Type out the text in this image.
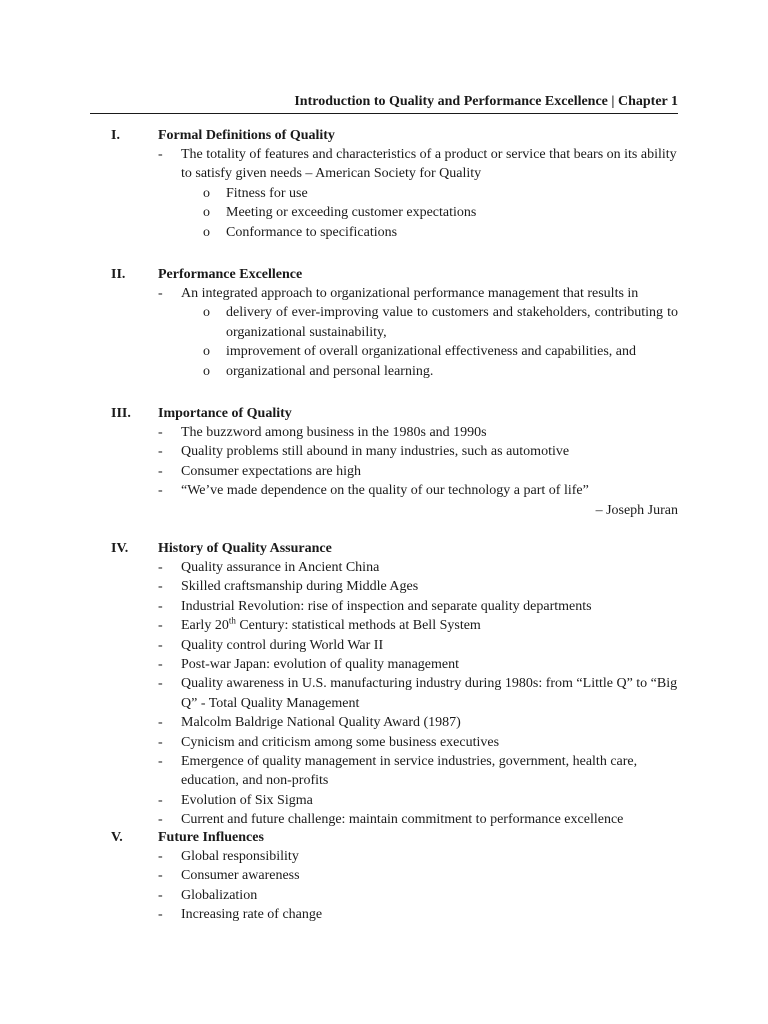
Introduction to Quality and Performance Excellence | Chapter 1
I.	Formal Definitions of Quality
- The totality of features and characteristics of a product or service that bears on its ability to satisfy given needs – American Society for Quality
o Fitness for use
o Meeting or exceeding customer expectations
o Conformance to specifications
II. Performance Excellence
- An integrated approach to organizational performance management that results in
o delivery of ever-improving value to customers and stakeholders, contributing to organizational sustainability,
o improvement of overall organizational effectiveness and capabilities, and
o organizational and personal learning.
III. Importance of Quality
- The buzzword among business in the 1980s and 1990s
- Quality problems still abound in many industries, such as automotive
- Consumer expectations are high
- “We’ve made dependence on the quality of our technology a part of life”
– Joseph Juran
IV. History of Quality Assurance
- Quality assurance in Ancient China
- Skilled craftsmanship during Middle Ages
- Industrial Revolution: rise of inspection and separate quality departments
- Early 20th Century: statistical methods at Bell System
- Quality control during World War II
- Post-war Japan: evolution of quality management
- Quality awareness in U.S. manufacturing industry during 1980s: from “Little Q” to “Big Q” - Total Quality Management
- Malcolm Baldrige National Quality Award (1987)
- Cynicism and criticism among some business executives
- Emergence of quality management in service industries, government, health care, education, and non-profits
- Evolution of Six Sigma
- Current and future challenge: maintain commitment to performance excellence
V.	Future Influences
- Global responsibility
- Consumer awareness
- Globalization
- Increasing rate of change
